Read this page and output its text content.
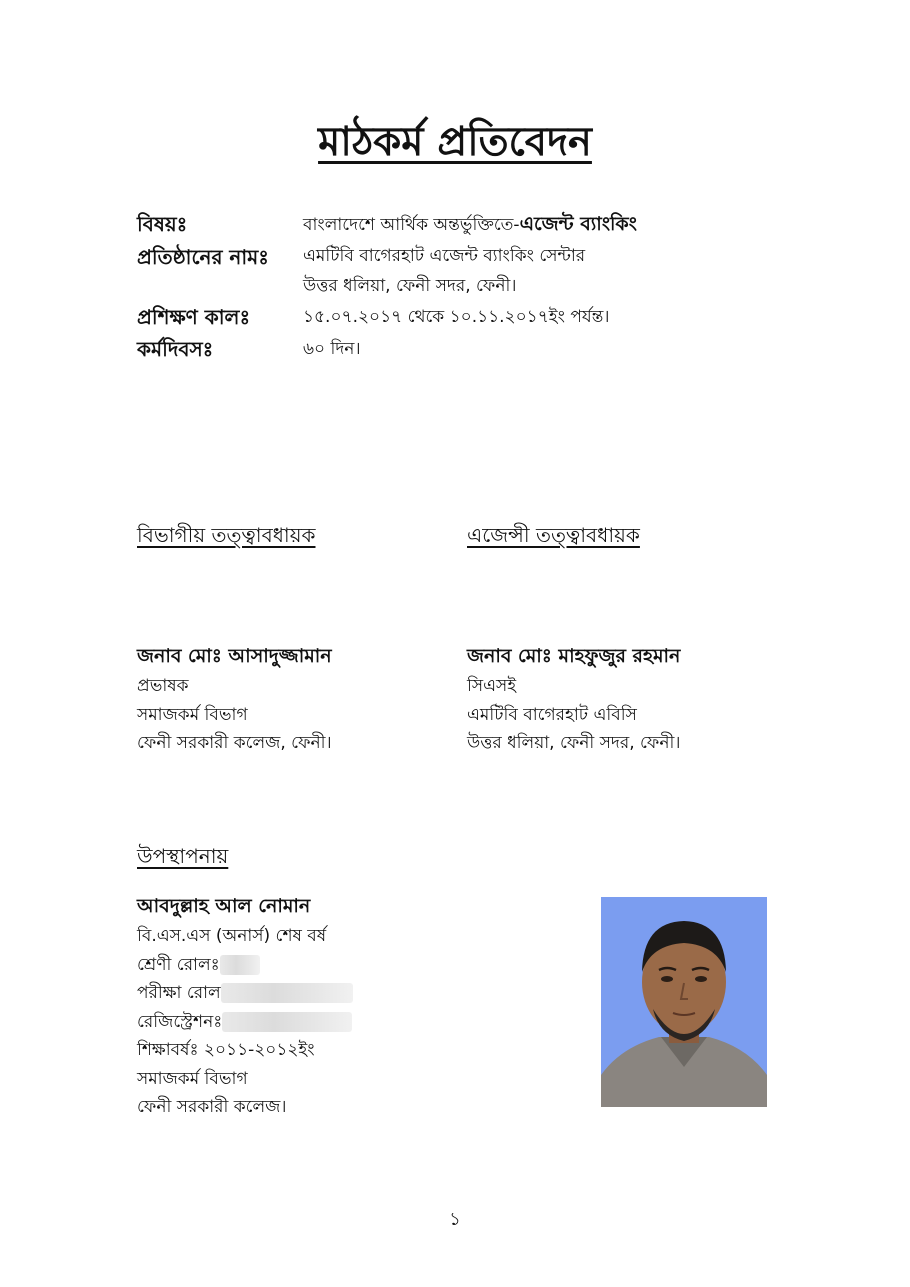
মাঠকর্ম প্রতিবেদন
বিষয়ঃ	বাংলাদেশে আর্থিক অন্তর্ভুক্তিতে-এজেন্ট ব্যাংকিং
প্রতিষ্ঠানের নামঃ	এমটিবি বাগেরহাট এজেন্ট ব্যাংকিং সেন্টার
উত্তর ধলিয়া, ফেনী সদর, ফেনী।
প্রশিক্ষণ কালঃ	১৫.০৭.২০১৭ থেকে ১০.১১.২০১৭ইং পর্যন্ত।
কর্মদিবসঃ	৬০ দিন।
বিভাগীয় তত্ত্বাবধায়ক	এজেন্সী তত্ত্বাবধায়ক
জনাব মোঃ আসাদুজ্জামান
প্রভাষক
সমাজকর্ম বিভাগ
ফেনী সরকারী কলেজ, ফেনী।
জনাব মোঃ মাহফুজুর রহমান
সিএসই
এমটিবি বাগেরহাট এবিসি
উত্তর ধলিয়া, ফেনী সদর, ফেনী।
উপস্থাপনায়
আবদুল্লাহ আল নোমান
বি.এস.এস (অনার্স) শেষ বর্ষ
শ্রেণী রোলঃ
পরীক্ষা রোল
রেজিস্ট্রেশনঃ
শিক্ষাবর্ষঃ ২০১১-২০১২ইং
সমাজকর্ম বিভাগ
ফেনী সরকারী কলেজ।
১
